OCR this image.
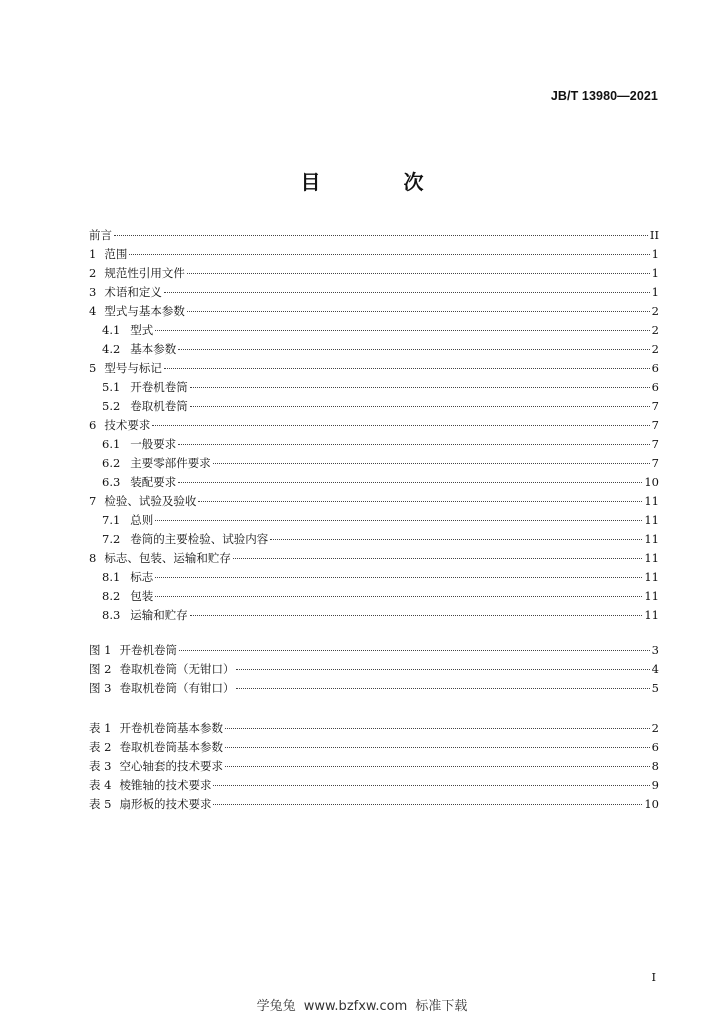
JB/T 13980—2021
目 次
前言	II
1 范围	1
2 规范性引用文件	1
3 术语和定义	1
4 型式与基本参数	2
4.1 型式	2
4.2 基本参数	2
5 型号与标记	6
5.1 开卷机卷筒	6
5.2 卷取机卷筒	7
6 技术要求	7
6.1 一般要求	7
6.2 主要零部件要求	7
6.3 装配要求	10
7 检验、试验及验收	11
7.1 总则	11
7.2 卷筒的主要检验、试验内容	11
8 标志、包装、运输和贮存	11
8.1 标志	11
8.2 包装	11
8.3 运输和贮存	11
图 1 开卷机卷筒	3
图 2 卷取机卷筒（无钳口）	4
图 3 卷取机卷筒（有钳口）	5
表 1 开卷机卷筒基本参数	2
表 2 卷取机卷筒基本参数	6
表 3 空心轴套的技术要求	8
表 4 棱锥轴的技术要求	9
表 5 扇形板的技术要求	10
I
学兔兔 www.bzfxw.com 标准下载
